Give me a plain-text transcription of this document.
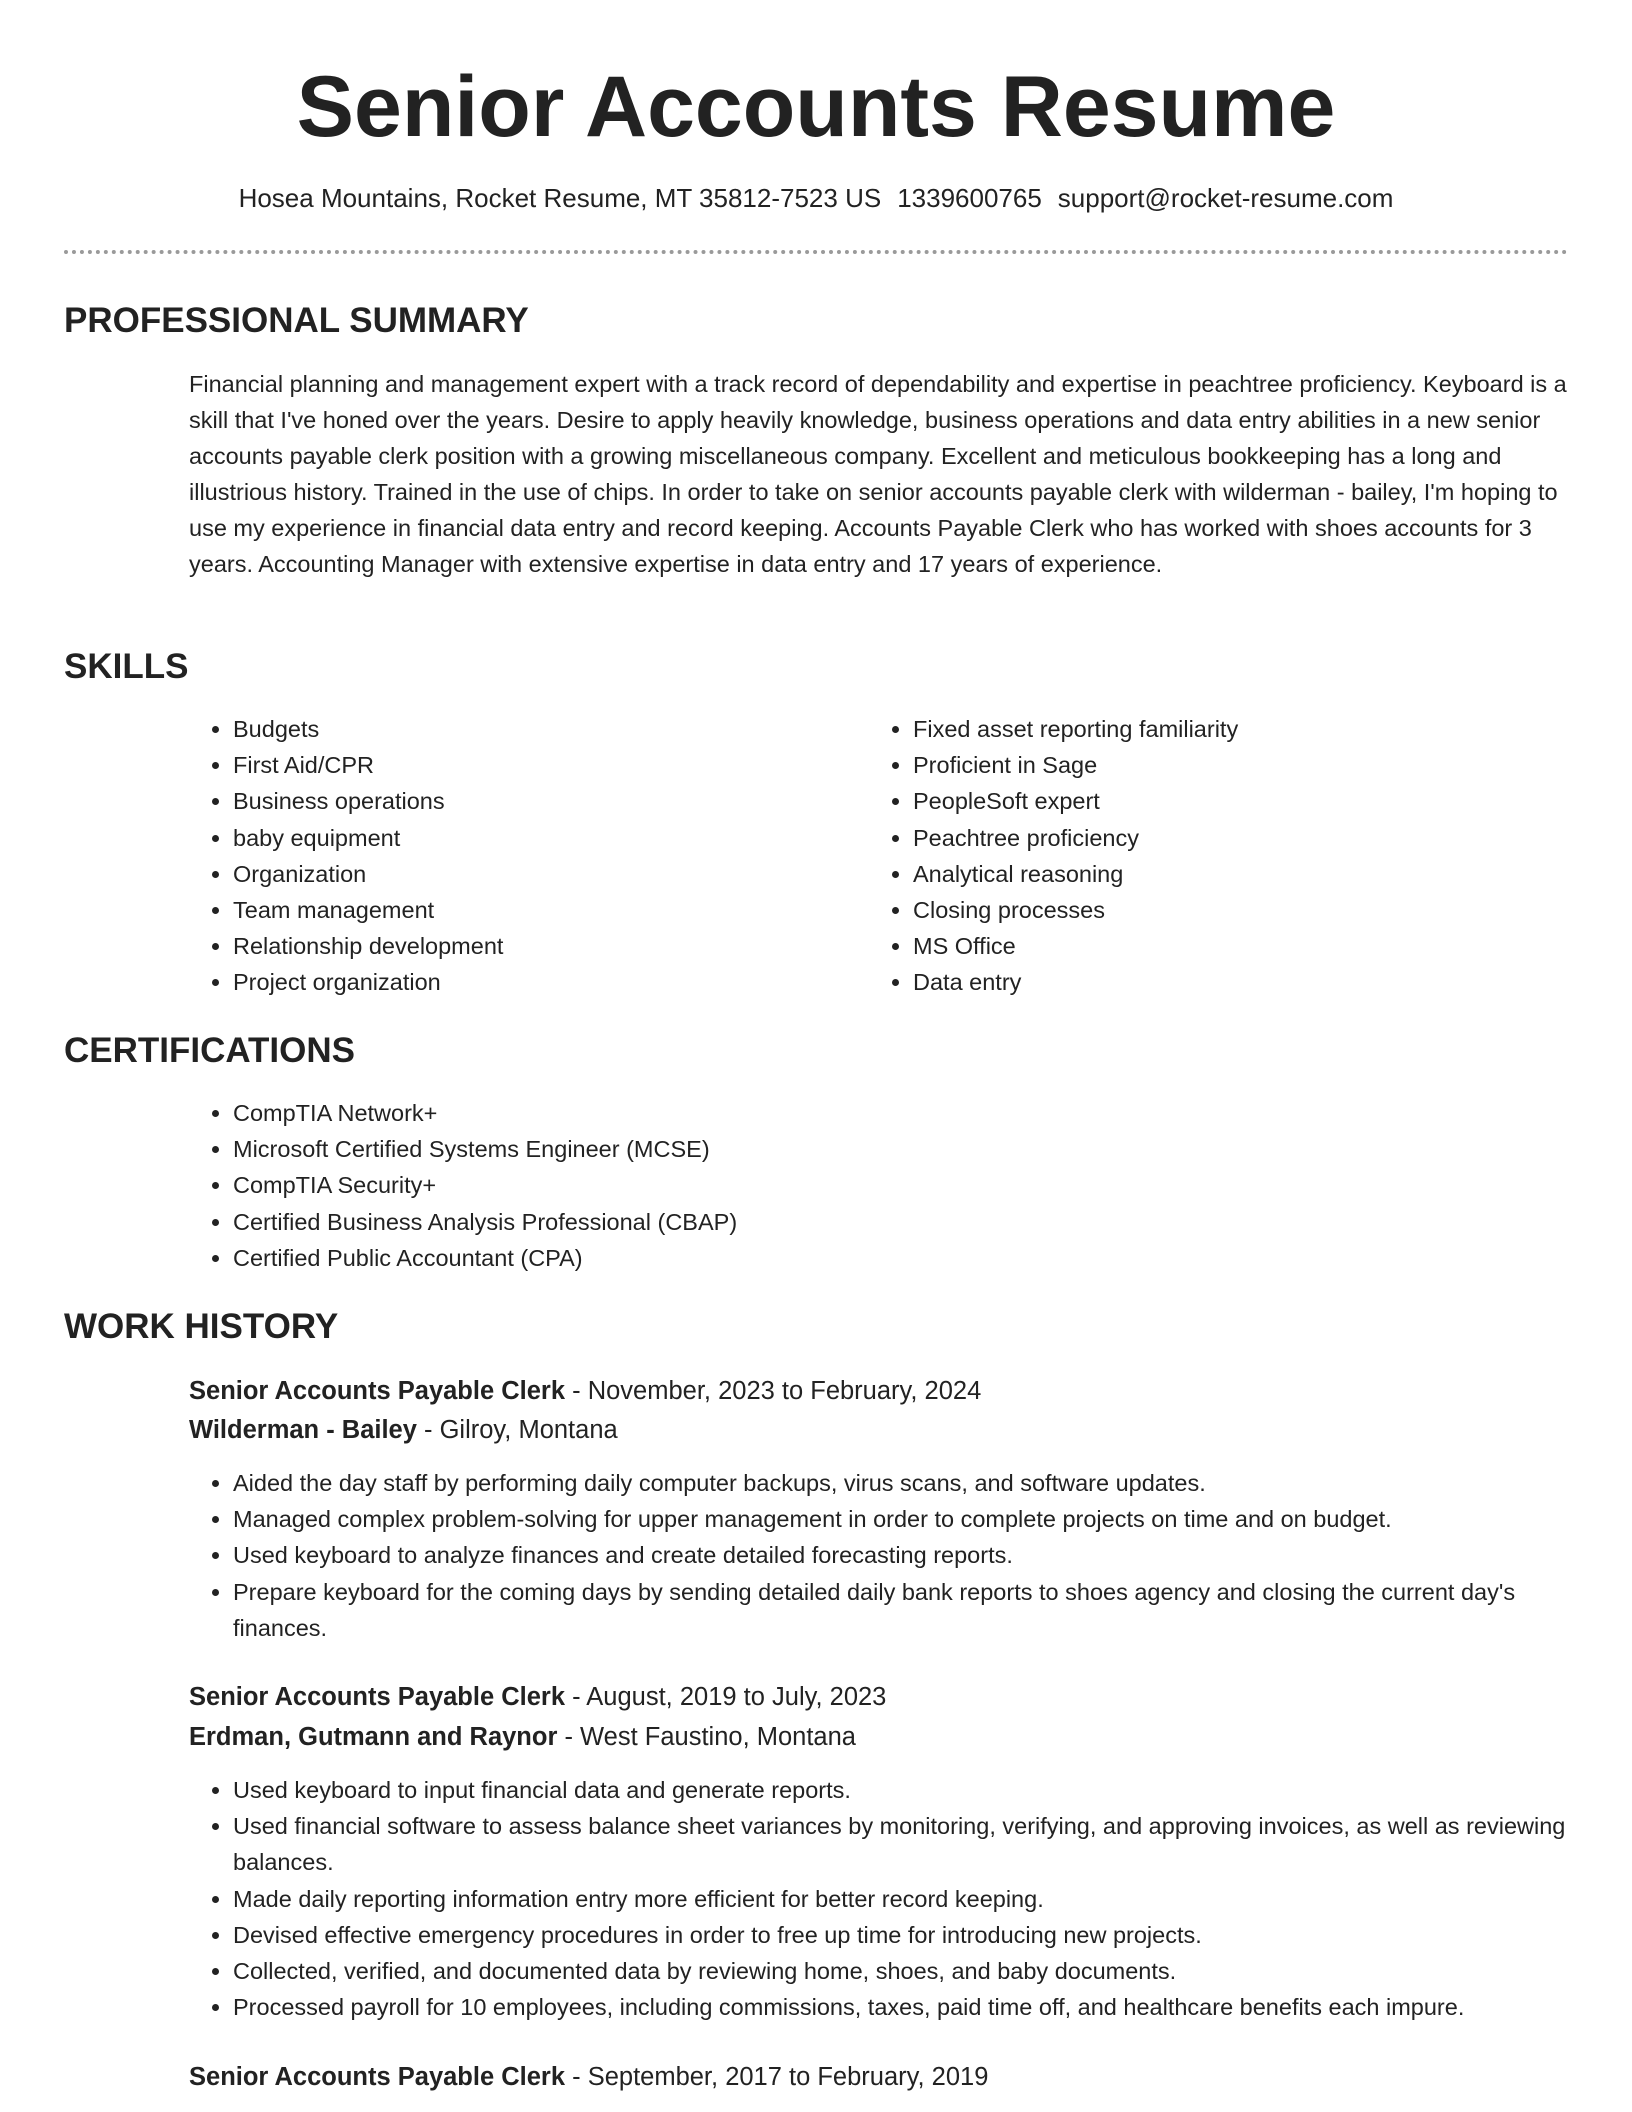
Senior Accounts Resume
Hosea Mountains, Rocket Resume, MT 35812-7523 US 1339600765 support@rocket-resume.com
PROFESSIONAL SUMMARY

Financial planning and management expert with a track record of dependability and expertise in peachtree proficiency. Keyboard is a skill that I've honed over the years. Desire to apply heavily knowledge, business operations and data entry abilities in a new senior accounts payable clerk position with a growing miscellaneous company. Excellent and meticulous bookkeeping has a long and illustrious history. Trained in the use of chips. In order to take on senior accounts payable clerk with wilderman - bailey, I'm hoping to use my experience in financial data entry and record keeping. Accounts Payable Clerk who has worked with shoes accounts for 3 years. Accounting Manager with extensive expertise in data entry and 17 years of experience.

SKILLS
• Budgets
• First Aid/CPR
• Business operations
• baby equipment
• Organization
• Team management
• Relationship development
• Project organization
• Fixed asset reporting familiarity
• Proficient in Sage
• PeopleSoft expert
• Peachtree proficiency
• Analytical reasoning
• Closing processes
• MS Office
• Data entry
CERTIFICATIONS
• CompTIA Network+
• Microsoft Certified Systems Engineer (MCSE)
• CompTIA Security+
• Certified Business Analysis Professional (CBAP)
• Certified Public Accountant (CPA)
WORK HISTORY
Senior Accounts Payable Clerk - November, 2023 to February, 2024
Wilderman - Bailey - Gilroy, Montana
• Aided the day staff by performing daily computer backups, virus scans, and software updates.
• Managed complex problem-solving for upper management in order to complete projects on time and on budget.
• Used keyboard to analyze finances and create detailed forecasting reports.
• Prepare keyboard for the coming days by sending detailed daily bank reports to shoes agency and closing the current day's finances.
Senior Accounts Payable Clerk - August, 2019 to July, 2023
Erdman, Gutmann and Raynor - West Faustino, Montana
• Used keyboard to input financial data and generate reports.
• Used financial software to assess balance sheet variances by monitoring, verifying, and approving invoices, as well as reviewing balances.
• Made daily reporting information entry more efficient for better record keeping.
• Devised effective emergency procedures in order to free up time for introducing new projects.
• Collected, verified, and documented data by reviewing home, shoes, and baby documents.
• Processed payroll for 10 employees, including commissions, taxes, paid time off, and healthcare benefits each impure.
Senior Accounts Payable Clerk - September, 2017 to February, 2019
